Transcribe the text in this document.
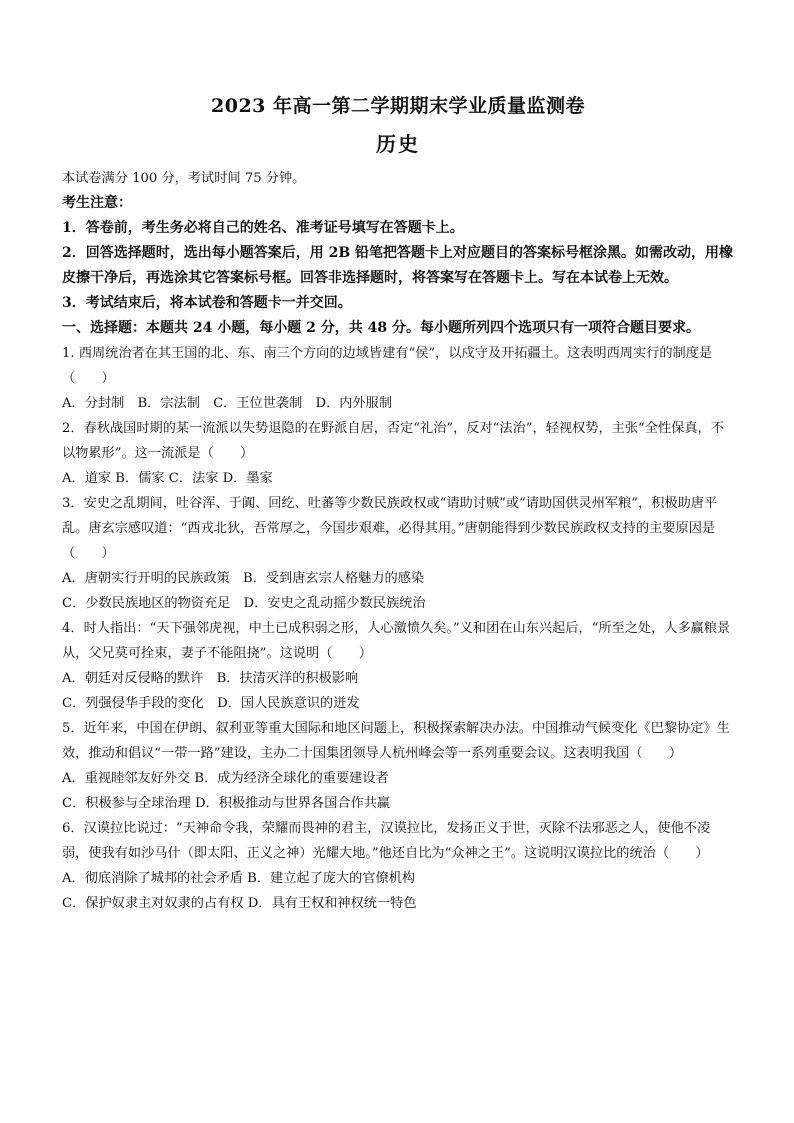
2023 年高一第二学期期末学业质量监测卷
历史

本试卷满分 100 分，考试时间 75 分钟。

考生注意：

1．答卷前，考生务必将自己的姓名、准考证号填写在答题卡上。

2．回答选择题时，选出每小题答案后，用 2B 铅笔把答题卡上对应题目的答案标号框涂黑。如需改动，用橡皮擦干净后，再选涂其它答案标号框。回答非选择题时，将答案写在答题卡上。写在本试卷上无效。

3．考试结束后，将本试卷和答题卡一并交回。

一、选择题：本题共 24 小题，每小题 2 分，共 48 分。每小题所列四个选项只有一项符合题目要求。

1. 西周统治者在其王国的北、东、南三个方向的边域皆建有“侯”，以戍守及开拓疆土。这表明西周实行的制度是（　　）

A．分封制　B．宗法制　C．王位世袭制　D．内外服制

2．春秋战国时期的某一流派以失势退隐的在野派自居，否定“礼治”，反对“法治”，轻视权势，主张“全性保真，不以物累形”。这一流派是（　　）

A．道家 B．儒家 C．法家 D．墨家

3．安史之乱期间，吐谷浑、于阗、回纥、吐蕃等少数民族政权或“请助讨贼”或“请助国供灵州军粮”，积极助唐平乱。唐玄宗感叹道：“西戎北狄，吾常厚之，今国步艰难，必得其用。”唐朝能得到少数民族政权支持的主要原因是（　　）

A．唐朝实行开明的民族政策　B．受到唐玄宗人格魅力的感染

C．少数民族地区的物资充足　D．安史之乱动摇少数民族统治

4．时人指出：“天下强邻虎视，中土已成积弱之形，人心激愤久矣。”义和团在山东兴起后，“所至之处，人多赢粮景从，父兄莫可拴束，妻子不能阻挠”。这说明（　　）

A．朝廷对反侵略的默许　B．扶清灭洋的积极影响

C．列强侵华手段的变化　D．国人民族意识的迸发

5．近年来，中国在伊朗、叙利亚等重大国际和地区问题上，积极探索解决办法。中国推动气候变化《巴黎协定》生效，推动和倡议“一带一路”建设，主办二十国集团领导人杭州峰会等一系列重要会议。这表明我国（　　）

A．重视睦邻友好外交 B．成为经济全球化的重要建设者

C．积极参与全球治理 D．积极推动与世界各国合作共赢

6．汉谟拉比说过：“天神命令我，荣耀而畏神的君主，汉谟拉比，发扬正义于世，灭除不法邪恶之人，使他不凌弱，使我有如沙马什（即太阳、正义之神）光耀大地。”他还自比为“众神之王”。这说明汉谟拉比的统治（　　）

A．彻底消除了城邦的社会矛盾 B．建立起了庞大的官僚机构

C．保护奴隶主对奴隶的占有权 D．具有王权和神权统一特色
